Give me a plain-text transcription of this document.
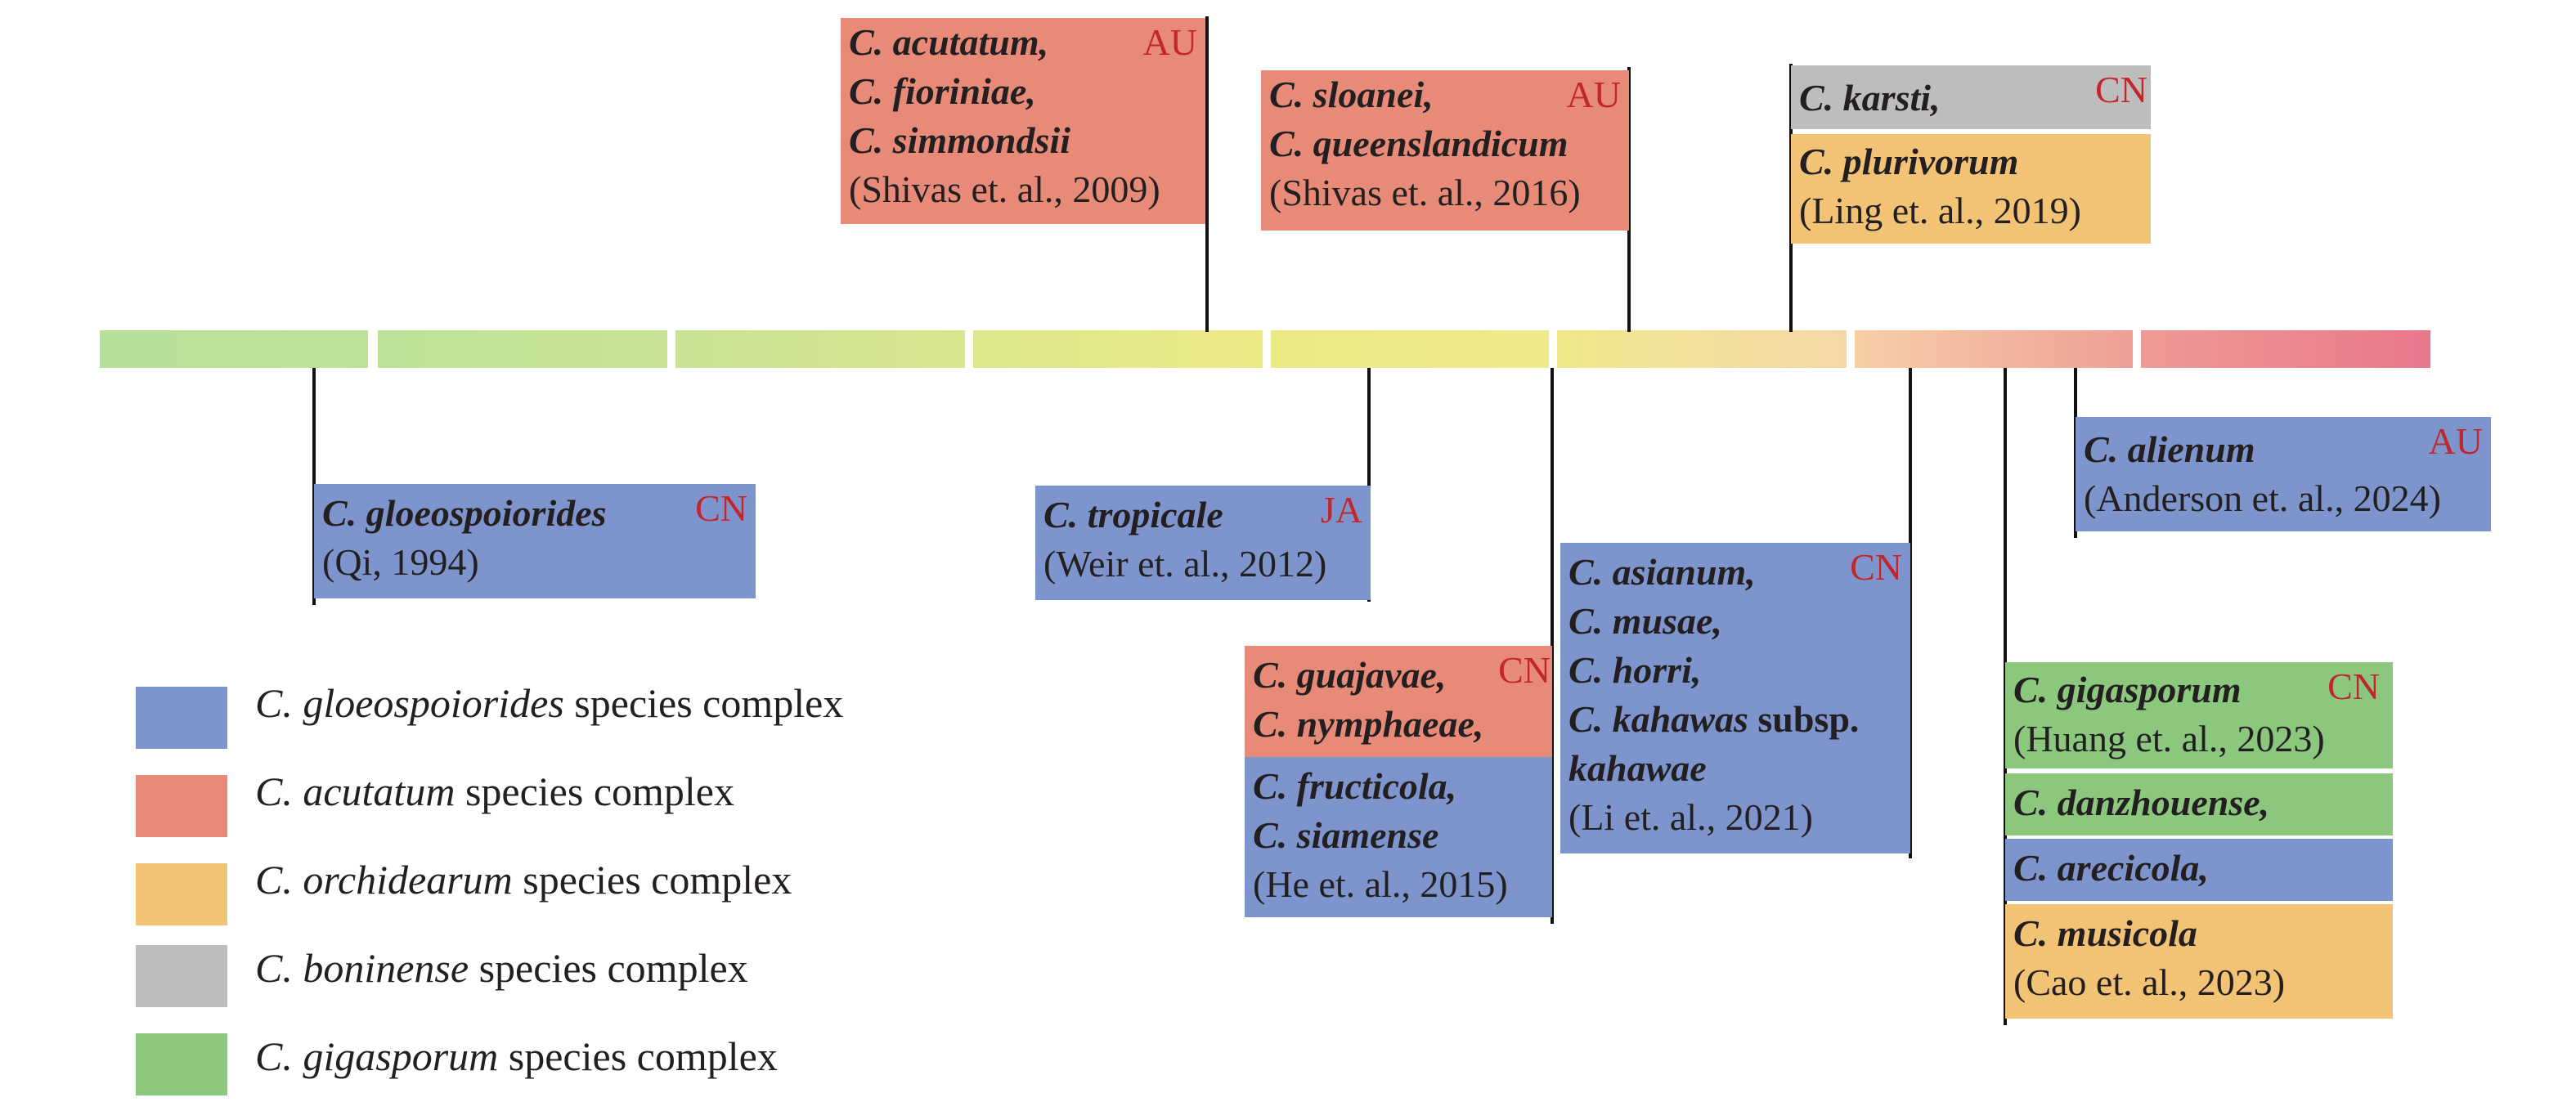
C. gloeospoiorides
(Qi, 1994)
CN
C. acutatum,
C. fioriniae,
C. simmondsii
(Shivas et. al., 2009)
AU
C. tropicale
(Weir et. al., 2012)
JA
C. guajavae,
C. nymphaeae,
CN
C. fructicola,
C. siamense
(He et. al., 2015)
C. sloanei,
C. queenslandicum
(Shivas et. al., 2016)
AU	C. karsti,	CN
C. plurivorum
(Ling et. al., 2019)
C. asianum,
C. musae,
C. horri,
C. kahawas subsp.
kahawae
(Li et. al., 2021)
CN
C. gigasporum
(Huang et. al., 2023)
CN
C. danzhouense,
C. arecicola,
C. musicola
(Cao et. al., 2023)
C. alienum
(Anderson et. al., 2024)
AU
C. gloeospoiorides species complex
C. acutatum species complex
C. orchidearum species complex
C. boninense species complex
C. gigasporum species complex
